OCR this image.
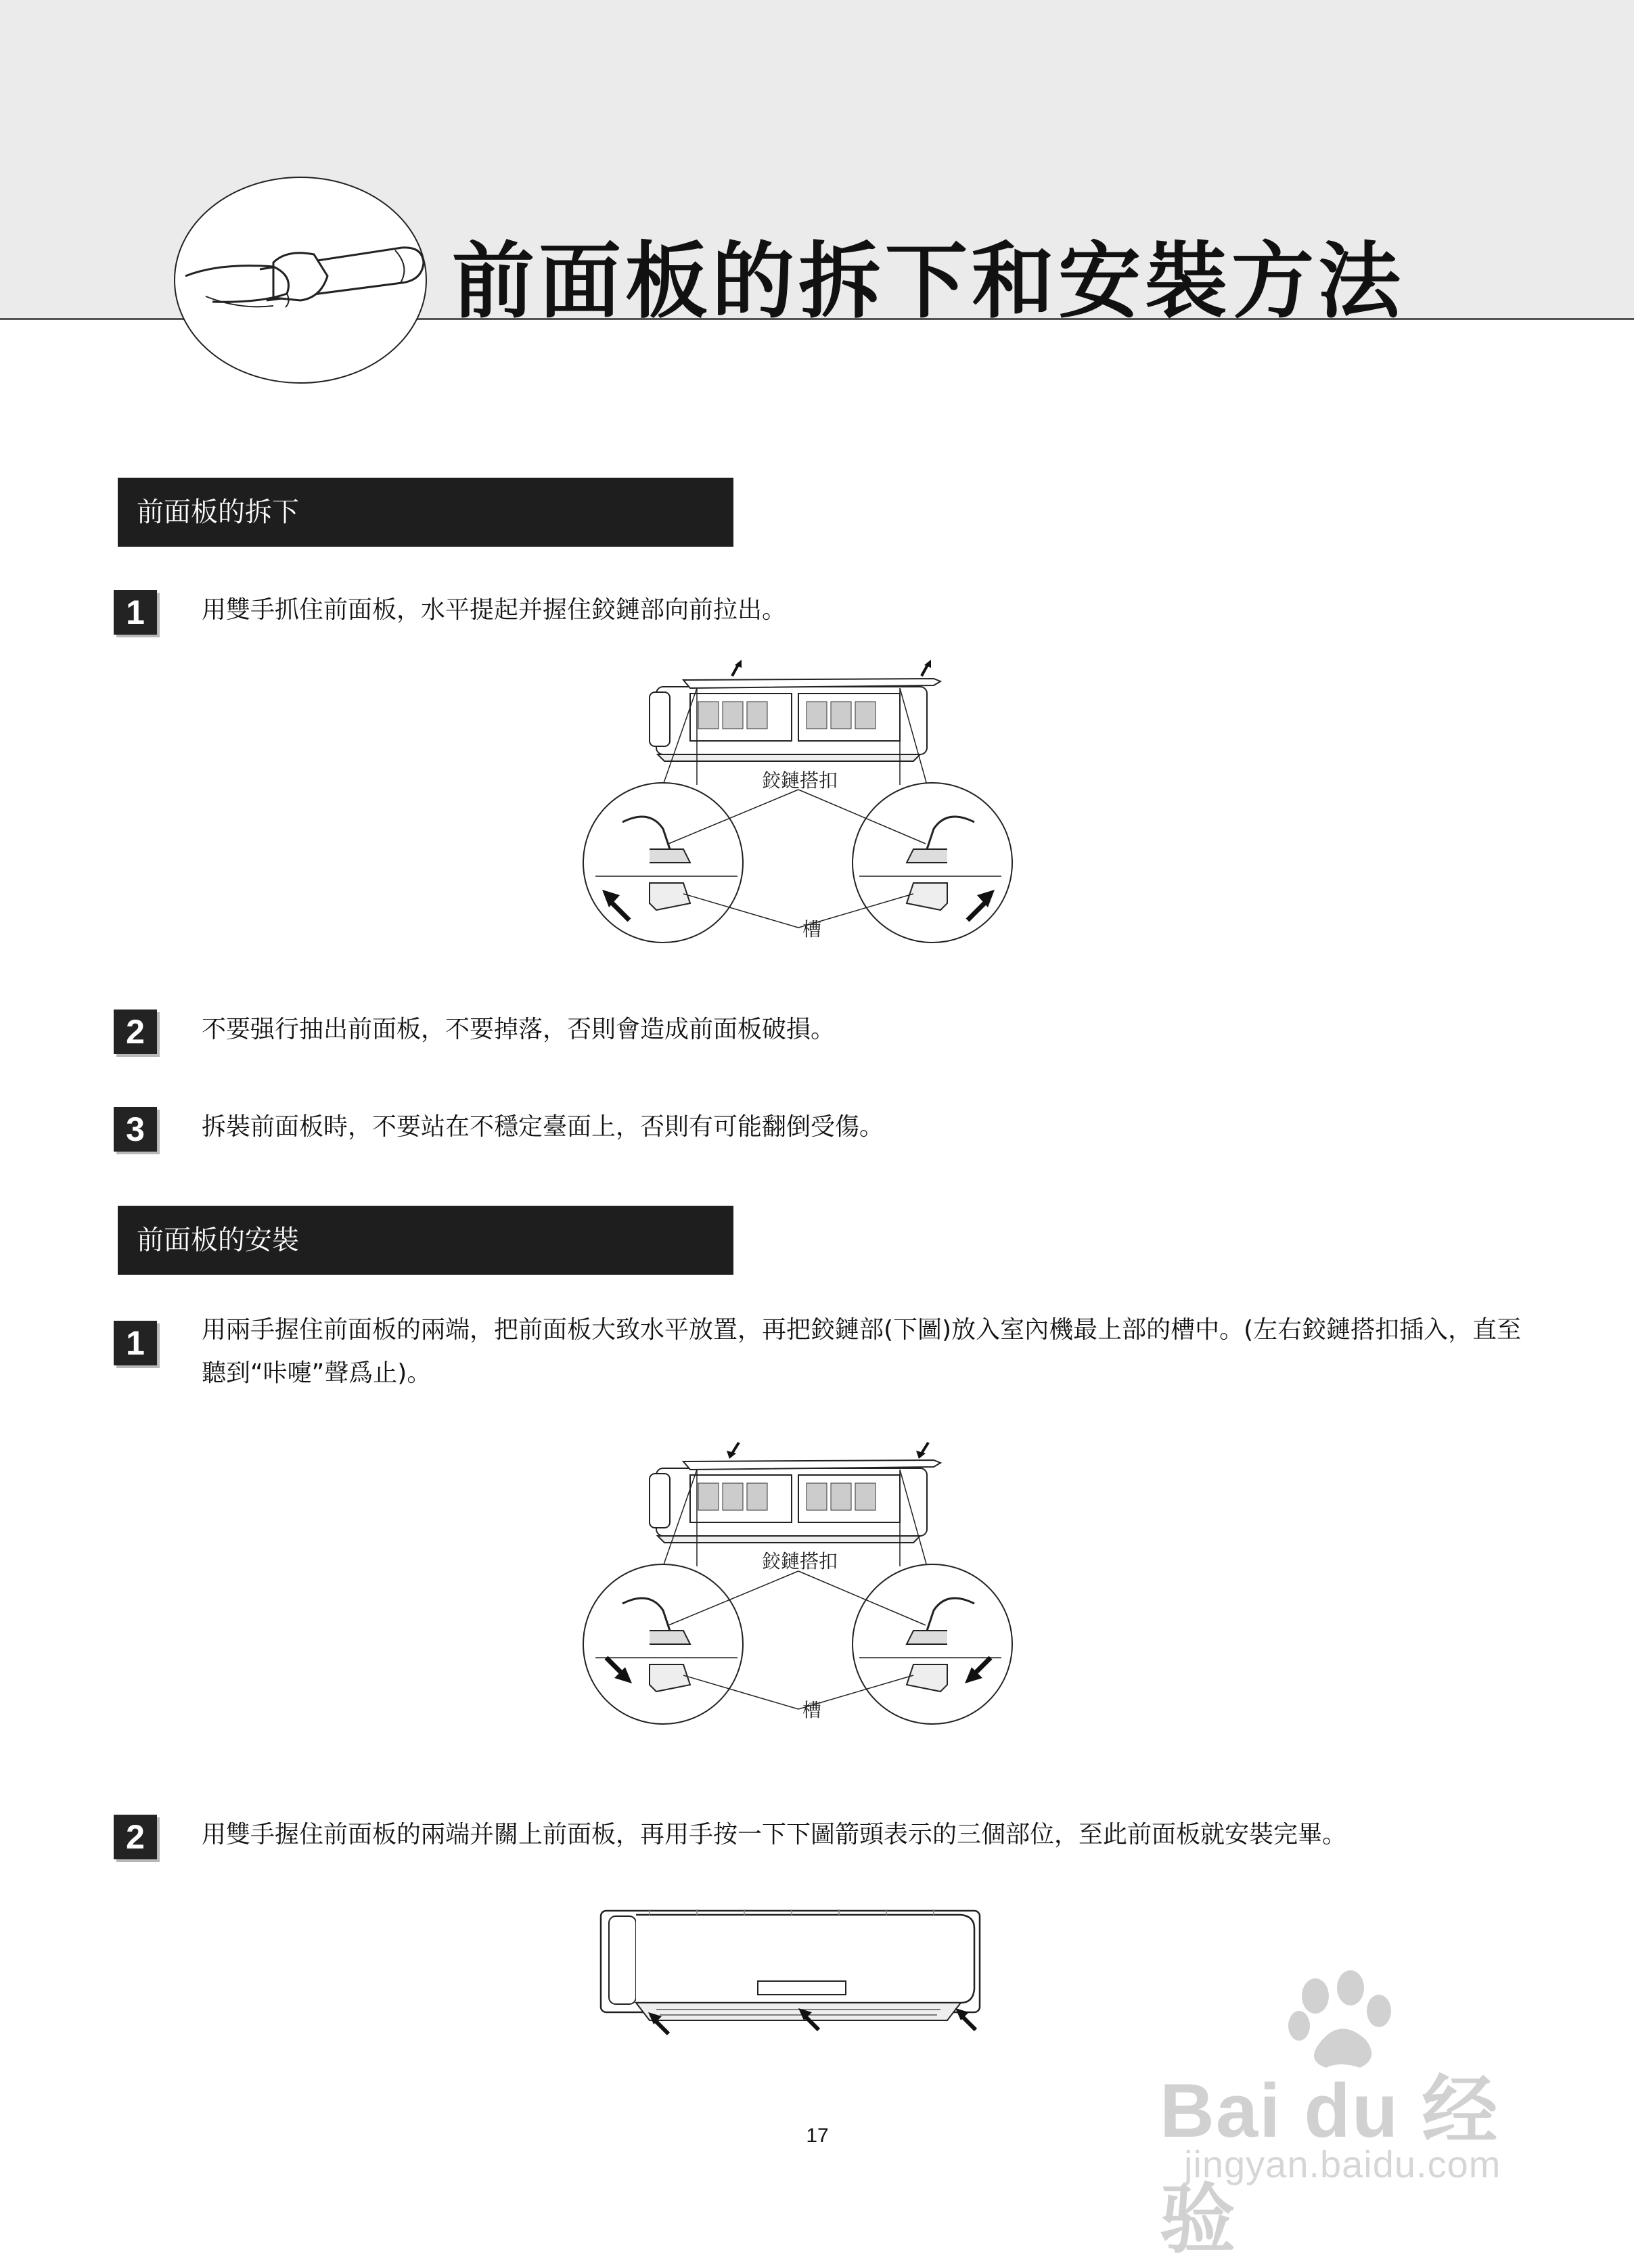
前面板的拆下和安裝方法
前面板的拆下
1	用雙手抓住前面板，水平提起并握住鉸鏈部向前拉出。
鉸鏈搭扣
槽
2	不要强行抽出前面板，不要掉落，否則會造成前面板破損。
3	拆裝前面板時，不要站在不穩定臺面上，否則有可能翻倒受傷。
前面板的安裝
1	用兩手握住前面板的兩端，把前面板大致水平放置，再把鉸鏈部(下圖)放入室內機最上部的槽中。(左右鉸鏈搭扣插入，直至聽到“咔嚏”聲爲止)。
鉸鏈搭扣
槽
2	用雙手握住前面板的兩端并關上前面板，再用手按一下下圖箭頭表示的三個部位，至此前面板就安裝完畢。
17	Bai du 经验
jingyan.baidu.com
